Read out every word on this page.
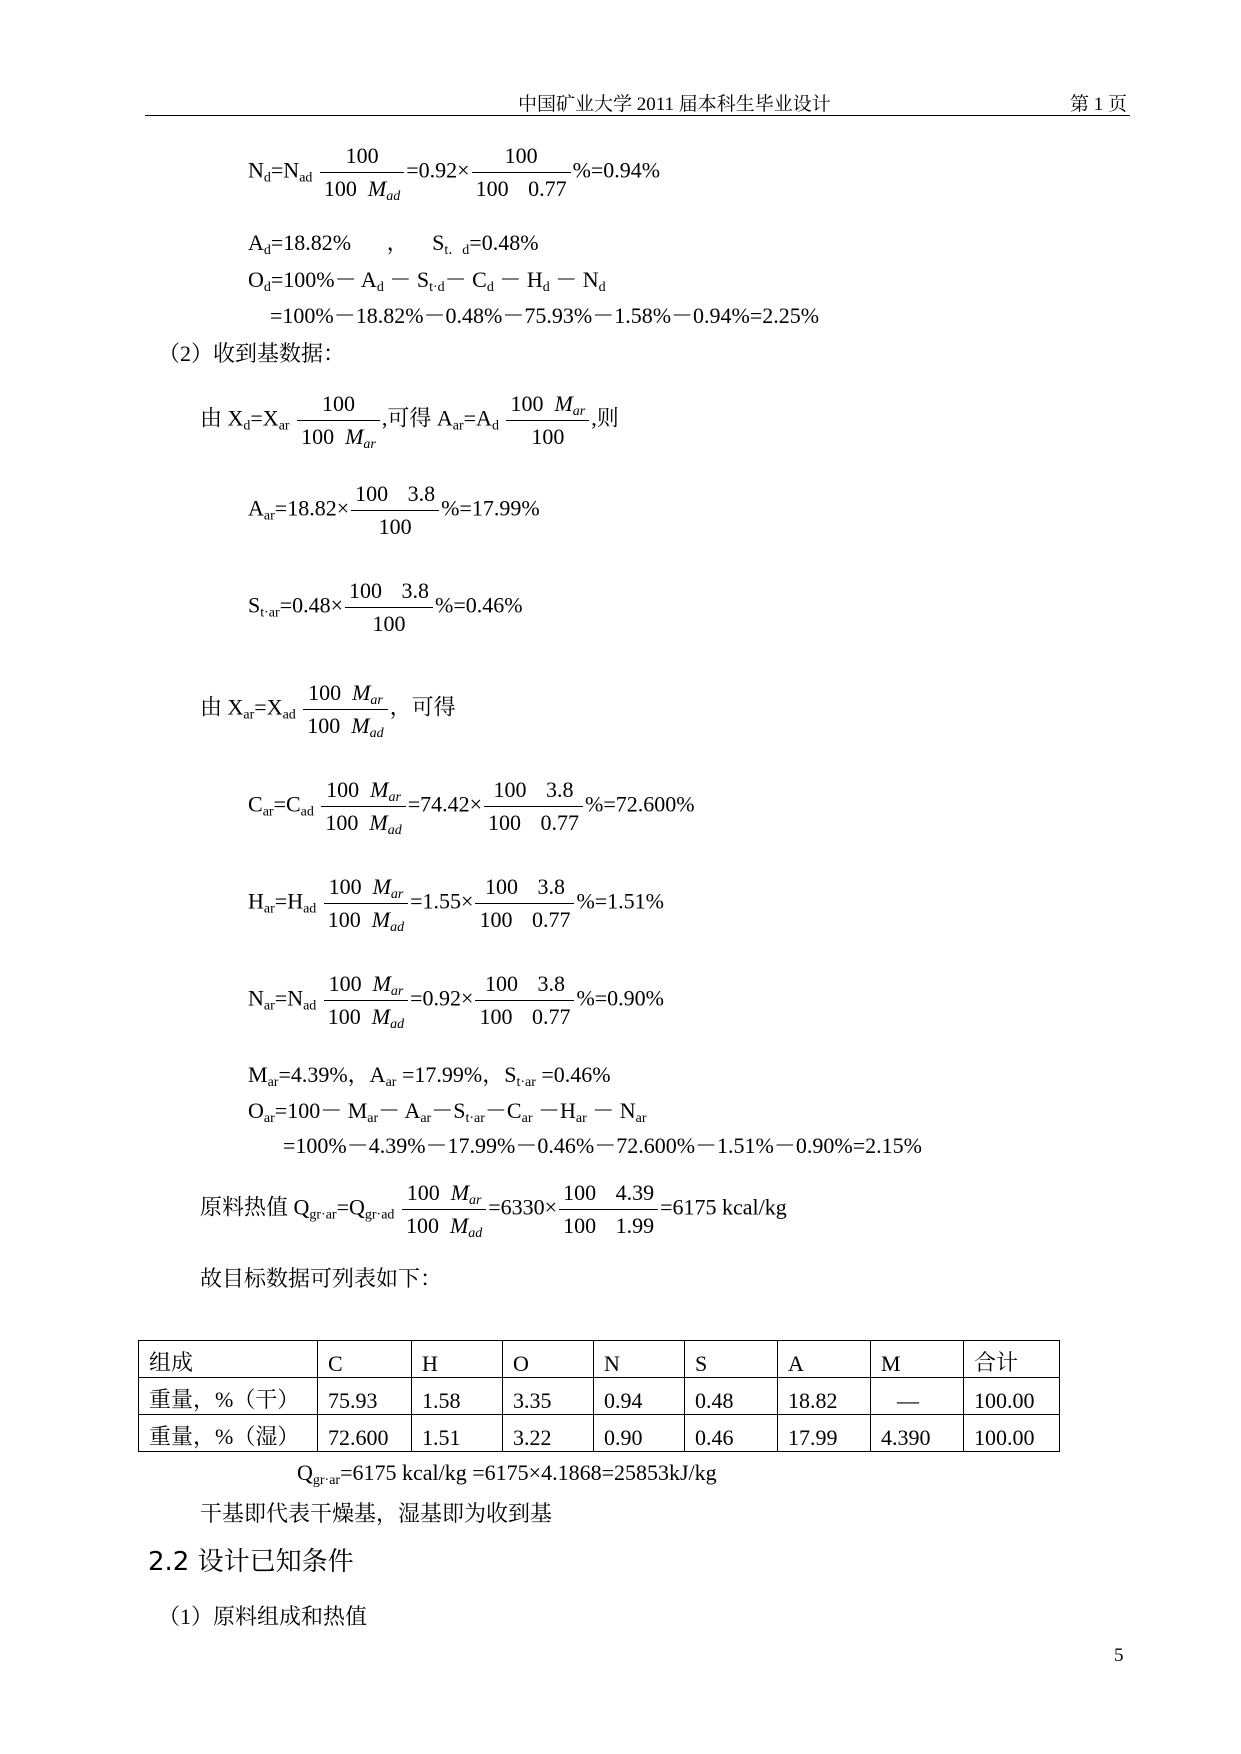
中国矿业大学 2011 届本科生毕业设计	第 1 页
$N_d=N_{ad}$
100
100 $M_{ad}$
$=0.92\times \frac{100}{100 0.77} \%=0.94\%$
$A_d=18.82\%$ ， $S_{t.d}=0.48\%$
$O_d=100\%- A_d - S_{t\cdot d}- C_d - H_d - N_d$
=100%－18.82%－0.48%－75.93%－1.58%－0.94%=2.25%
（2）收到基数据：
由 $X_d=X_{ar}$
100
100 $M_{ar}$
,可得 $A_{ar}=A_d$
100 $M_{ar}$
100
,则
$A_{ar}=18.82\times \frac{100 3.8}{100} \%=17.99\%$
$S_{t\cdot ar}=0.48\times \frac{100 3.8}{100} \%=0.46\%$
由 $X_{ar}=X_{ad}$
100 $M_{ar}$
100 $M_{ad}$
，可得
$C_{ar}=C_{ad}$
100  $M_{ar}$
100  $M_{ad}$
$=74.42\times \frac{100 3.8}{100 0.77} \%=72.600\%$
$H_{ar}=H_{ad}$
100  $M_{ar}$
100  $M_{ad}$
$=1.55\times \frac{100 3.8}{100 0.77} \%=1.51\%$
$N_{ar}=N_{ad}$
100  $M_{ar}$
100  $M_{ad}$
$=0.92\times \frac{100 3.8}{100 0.77} \%=0.90\%$
$M_{ar}=4.39\%$，$A_{ar} =17.99\%$，$S_{t\cdot ar} =0.46\%$
$O_{ar}=100- M_{ar}- A_{ar}-S_{t\cdot ar}-C_{ar} -H_{ar} - N_{ar}$
=100%－4.39%－17.99%－0.46%－72.600%－1.51%－0.90%=2.15%
原料热值 $Q_{gr\cdot ar}=Q_{gr\cdot ad}$
100  $M_{ar}$
100  $M_{ad}$
$=6330\times \frac{100 4.39}{100 1.99} =6175$ kcal/kg
故目标数据可列表如下：
组成	C	H	O	N	S	A	M	合计
重量，%（干）	75.93	1.58	3.35	0.94	0.48	18.82	—	100.00
重量，%（湿）	72.600	1.51	3.22	0.90	0.46	17.99	4.390	100.00
$Q_{gr\cdot ar}=6175$ kcal/kg =6175×4.1868=25853kJ/kg
干基即代表干燥基，湿基即为收到基
2.2 设计已知条件
（1）原料组成和热值
5
